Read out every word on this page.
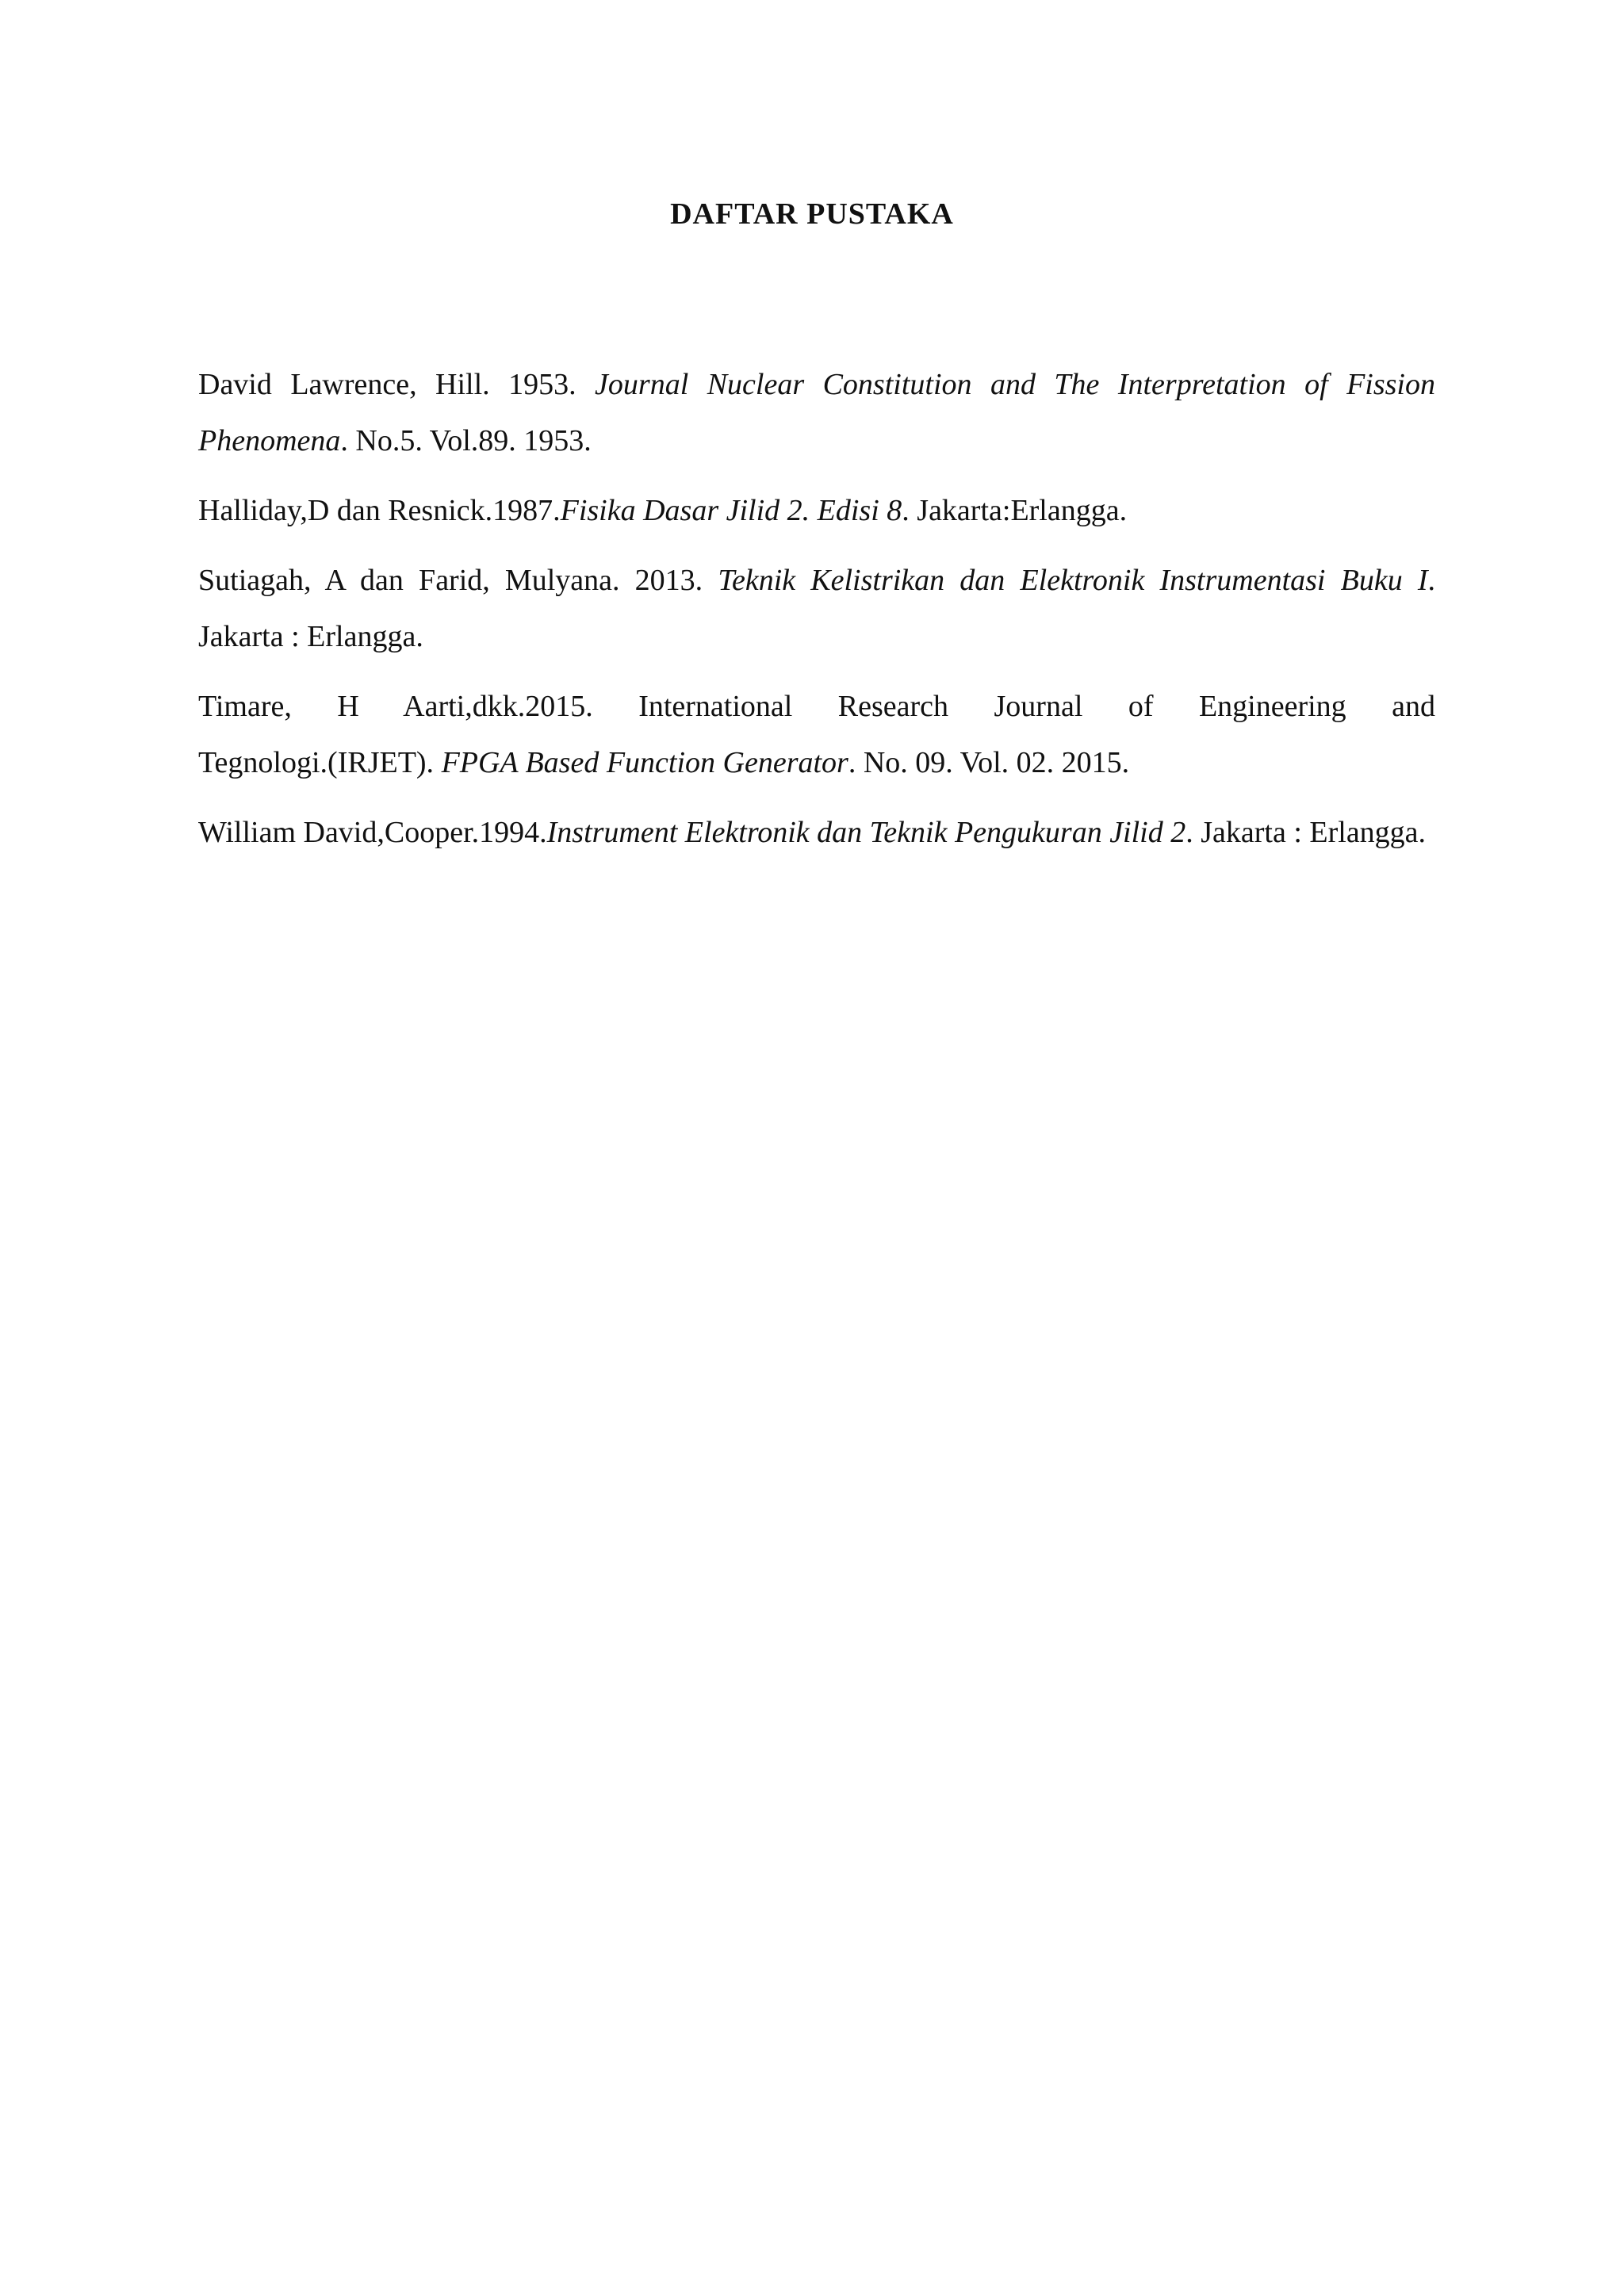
DAFTAR PUSTAKA

David Lawrence, Hill. 1953. Journal Nuclear Constitution and The Interpretation of Fission Phenomena. No.5. Vol.89. 1953.

Halliday,D dan Resnick.1987.Fisika Dasar Jilid 2. Edisi 8. Jakarta:Erlangga.

Sutiagah, A dan Farid, Mulyana. 2013. Teknik Kelistrikan dan Elektronik Instrumentasi Buku I. Jakarta : Erlangga.

Timare, H Aarti,dkk.2015. International Research Journal of Engineering and
Tegnologi.(IRJET). FPGA Based Function Generator. No. 09. Vol. 02. 2015.

William David,Cooper.1994.Instrument Elektronik dan Teknik Pengukuran Jilid 2. Jakarta : Erlangga.
